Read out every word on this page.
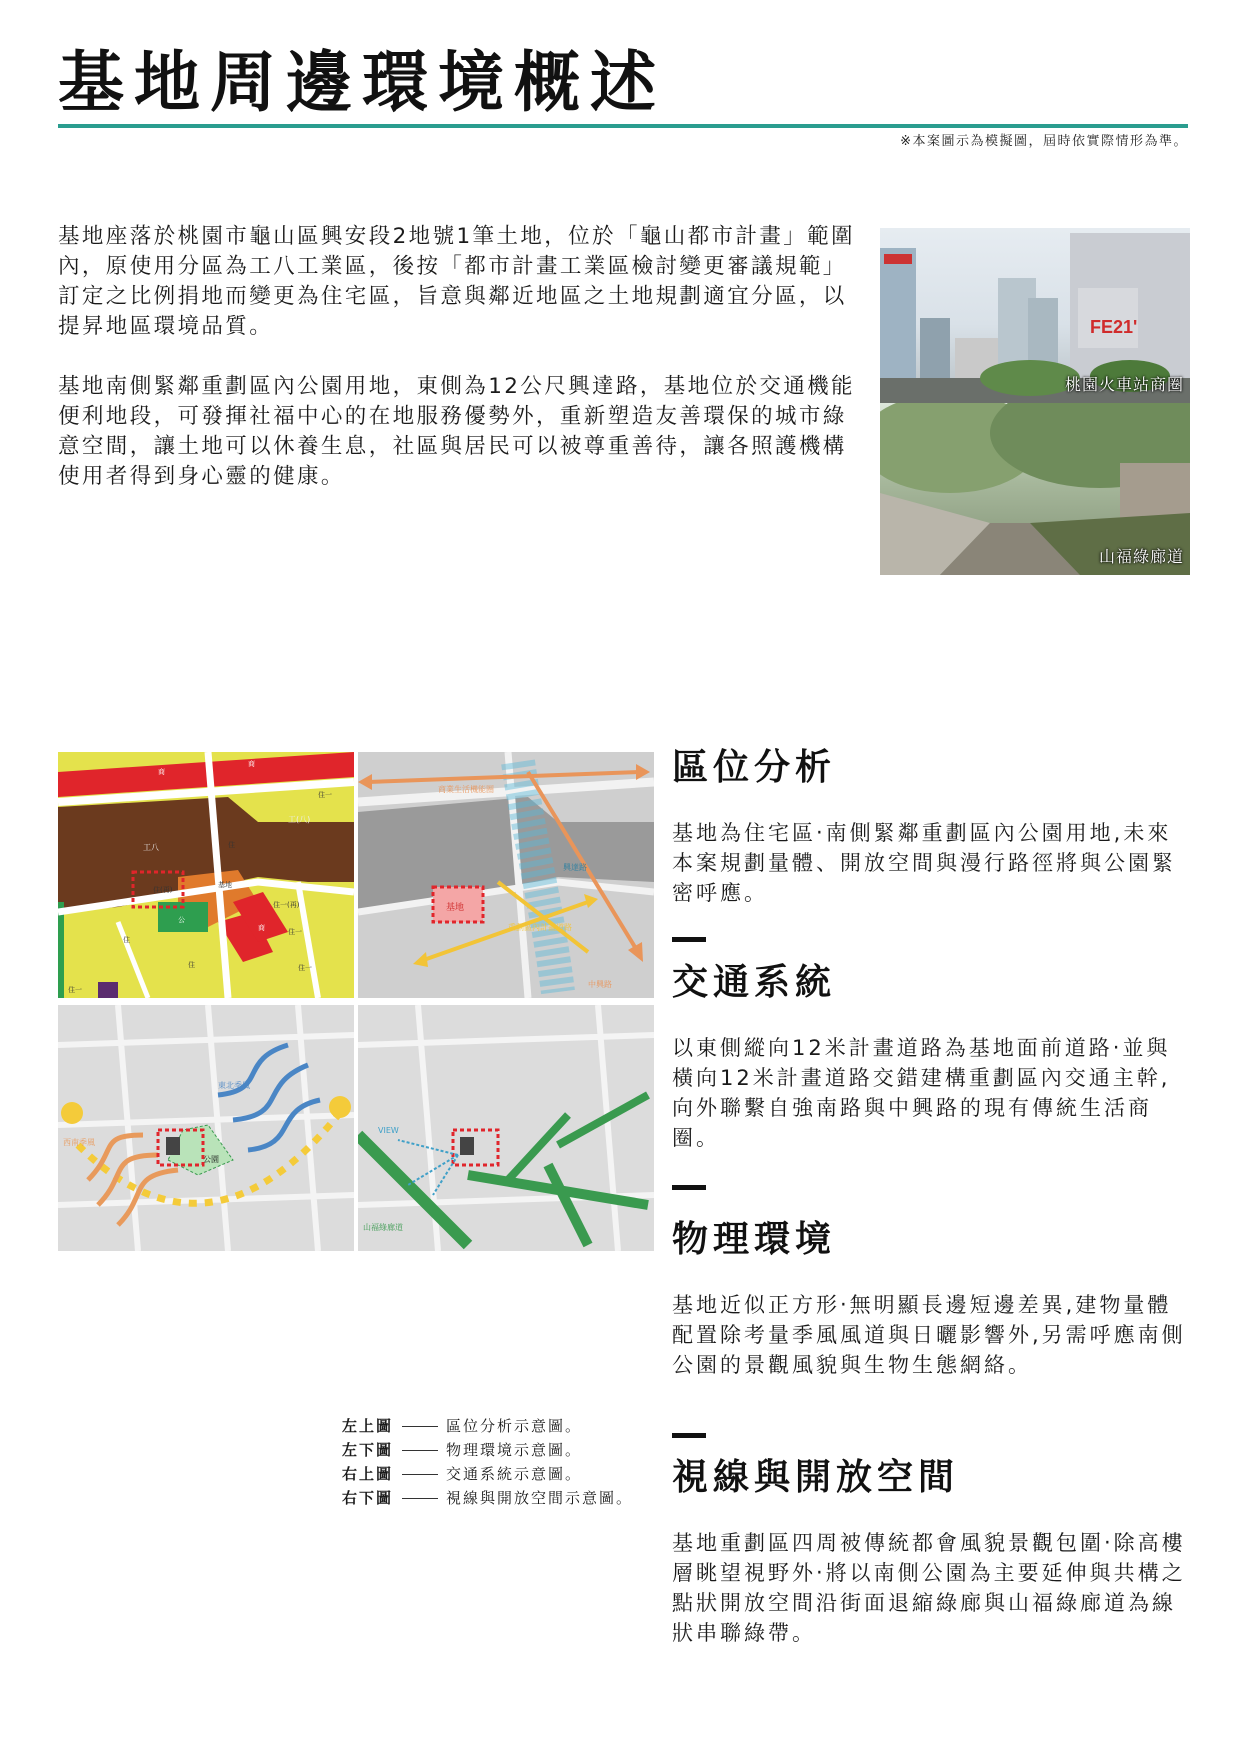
基地周邊環境概述
※本案圖示為模擬圖，屆時依實際情形為準。

基地座落於桃園市龜山區興安段2地號1筆土地，位於「龜山都市計畫」範圍內，原使用分區為工八工業區，後按「都市計畫工業區檢討變更審議規範」訂定之比例捐地而變更為住宅區，旨意與鄰近地區之土地規劃適宜分區，以提昇地區環境品質。

基地南側緊鄰重劃區內公園用地，東側為12公尺興達路，基地位於交通機能便利地段，可發揮社福中心的在地服務優勢外，重新塑造友善環保的城市綠意空間，讓土地可以休養生息，社區與居民可以被尊重善待，讓各照護機構使用者得到身心靈的健康。

FE21'
桃園火車站商圈
山福綠廊道
工八
工(八)
住(再)
公
基地
住
住一(再)
住一
住一
住
住一
住一
住
商
商
商
基地
重劃區內計畫道路
興達路
中興路
商業生活機能圈
公園
東北季風
西南季風
VIEW
山福綠廊道
左上圖	區位分析示意圖。
左下圖	物理環境示意圖。
右上圖	交通系統示意圖。
右下圖	視線與開放空間示意圖。
區位分析

基地為住宅區‧南側緊鄰重劃區內公園用地,未來本案規劃量體、開放空間與漫行路徑將與公園緊密呼應。

交通系統

以東側縱向12米計畫道路為基地面前道路‧並與橫向12米計畫道路交錯建構重劃區內交通主幹,向外聯繫自強南路與中興路的現有傳統生活商圈。

物理環境

基地近似正方形‧無明顯長邊短邊差異,建物量體配置除考量季風風道與日曬影響外,另需呼應南側公園的景觀風貌與生物生態網絡。

視線與開放空間

基地重劃區四周被傳統都會風貌景觀包圍‧除高樓層眺望視野外‧將以南側公園為主要延伸與共構之點狀開放空間沿街面退縮綠廊與山福綠廊道為線狀串聯綠帶。
